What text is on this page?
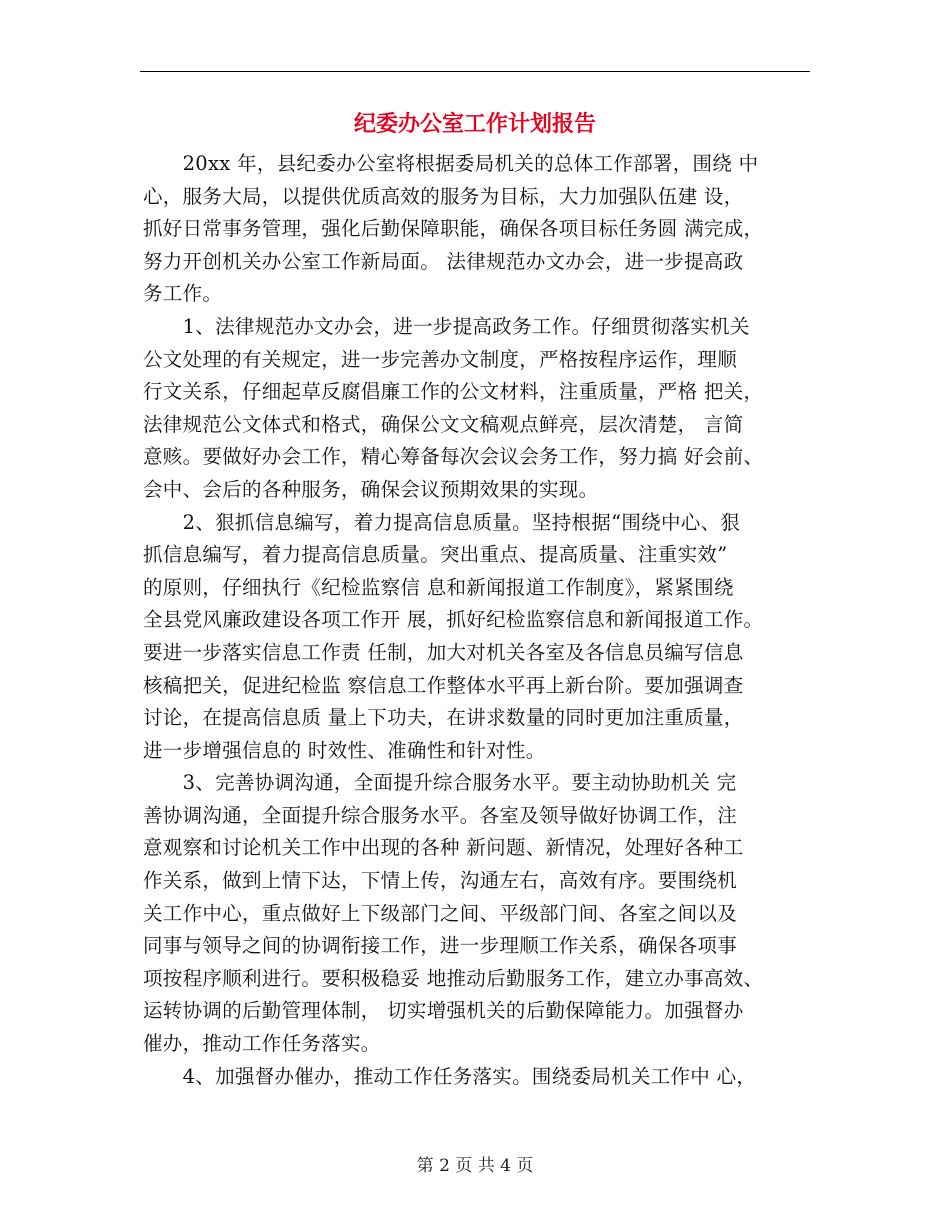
纪委办公室工作计划报告
　　20xx 年，县纪委办公室将根据委局机关的总体工作部署，围绕 中
心，服务大局，以提供优质高效的服务为目标，大力加强队伍建 设，
抓好日常事务管理，强化后勤保障职能，确保各项目标任务圆 满完成，
努力开创机关办公室工作新局面。 法律规范办文办会，进一步提高政
务工作。
　　1、法律规范办文办会，进一步提高政务工作。仔细贯彻落实机关
公文处理的有关规定，进一步完善办文制度，严格按程序运作，理顺
行文关系，仔细起草反腐倡廉工作的公文材料，注重质量，严格 把关，
法律规范公文体式和格式，确保公文文稿观点鲜亮，层次清楚， 言简
意赅。要做好办会工作，精心筹备每次会议会务工作，努力搞 好会前、
会中、会后的各种服务，确保会议预期效果的实现。
　　2、狠抓信息编写，着力提高信息质量。坚持根据“围绕中心、狠
抓信息编写，着力提高信息质量。突出重点、提高质量、注重实效”
的原则，仔细执行《纪检监察信 息和新闻报道工作制度》，紧紧围绕
全县党风廉政建设各项工作开 展，抓好纪检监察信息和新闻报道工作。
要进一步落实信息工作责 任制，加大对机关各室及各信息员编写信息
核稿把关，促进纪检监 察信息工作整体水平再上新台阶。要加强调查
讨论，在提高信息质 量上下功夫，在讲求数量的同时更加注重质量，
进一步增强信息的 时效性、准确性和针对性。
　　3、完善协调沟通，全面提升综合服务水平。要主动协助机关 完
善协调沟通，全面提升综合服务水平。各室及领导做好协调工作，注
意观察和讨论机关工作中出现的各种 新问题、新情况，处理好各种工
作关系，做到上情下达，下情上传，沟通左右，高效有序。要围绕机
关工作中心，重点做好上下级部门之间、平级部门间、各室之间以及
同事与领导之间的协调衔接工作，进一步理顺工作关系，确保各项事
项按程序顺利进行。要积极稳妥 地推动后勤服务工作，建立办事高效、
运转协调的后勤管理体制， 切实增强机关的后勤保障能力。加强督办
催办，推动工作任务落实。
　　4、加强督办催办，推动工作任务落实。围绕委局机关工作中 心，
第 2 页 共 4 页
